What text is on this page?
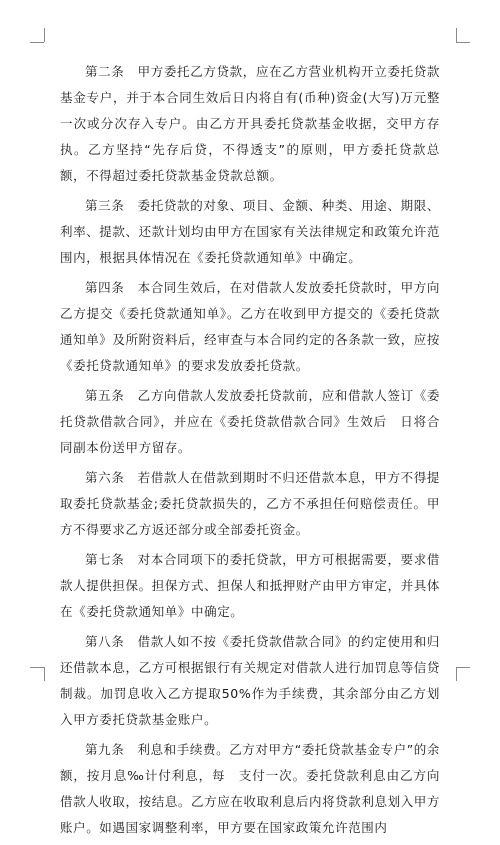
第二条　甲方委托乙方贷款，应在乙方营业机构开立委托贷款基金专户，并于本合同生效后日内将自有(币种)资金(大写)万元整一次或分次存入专户。由乙方开具委托贷款基金收据，交甲方存执。乙方坚持“先存后贷，不得透支”的原则，甲方委托贷款总额，不得超过委托贷款基金贷款总额。

第三条　委托贷款的对象、项目、金额、种类、用途、期限、利率、提款、还款计划均由甲方在国家有关法律规定和政策允许范围内，根据具体情况在《委托贷款通知单》中确定。

第四条　本合同生效后，在对借款人发放委托贷款时，甲方向乙方提交《委托贷款通知单》。乙方在收到甲方提交的《委托贷款通知单》及所附资料后，经审查与本合同约定的各条款一致，应按《委托贷款通知单》的要求发放委托贷款。

第五条　乙方向借款人发放委托贷款前，应和借款人签订《委托贷款借款合同》，并应在《委托贷款借款合同》生效后　日将合同副本份送甲方留存。

第六条　若借款人在借款到期时不归还借款本息，甲方不得提取委托贷款基金;委托贷款损失的，乙方不承担任何赔偿责任。甲方不得要求乙方返还部分或全部委托资金。

第七条　对本合同项下的委托贷款，甲方可根据需要，要求借款人提供担保。担保方式、担保人和抵押财产由甲方审定，并具体在《委托贷款通知单》中确定。

第八条　借款人如不按《委托贷款借款合同》的约定使用和归还借款本息，乙方可根据银行有关规定对借款人进行加罚息等信贷制裁。加罚息收入乙方提取50%作为手续费，其余部分由乙方划入甲方委托贷款基金账户。

第九条　利息和手续费。乙方对甲方“委托贷款基金专户”的余额，按月息‰计付利息，每　支付一次。委托贷款利息由乙方向借款人收取，按结息。乙方应在收取利息后内将贷款利息划入甲方账户。如遇国家调整利率，甲方要在国家政策允许范围内
